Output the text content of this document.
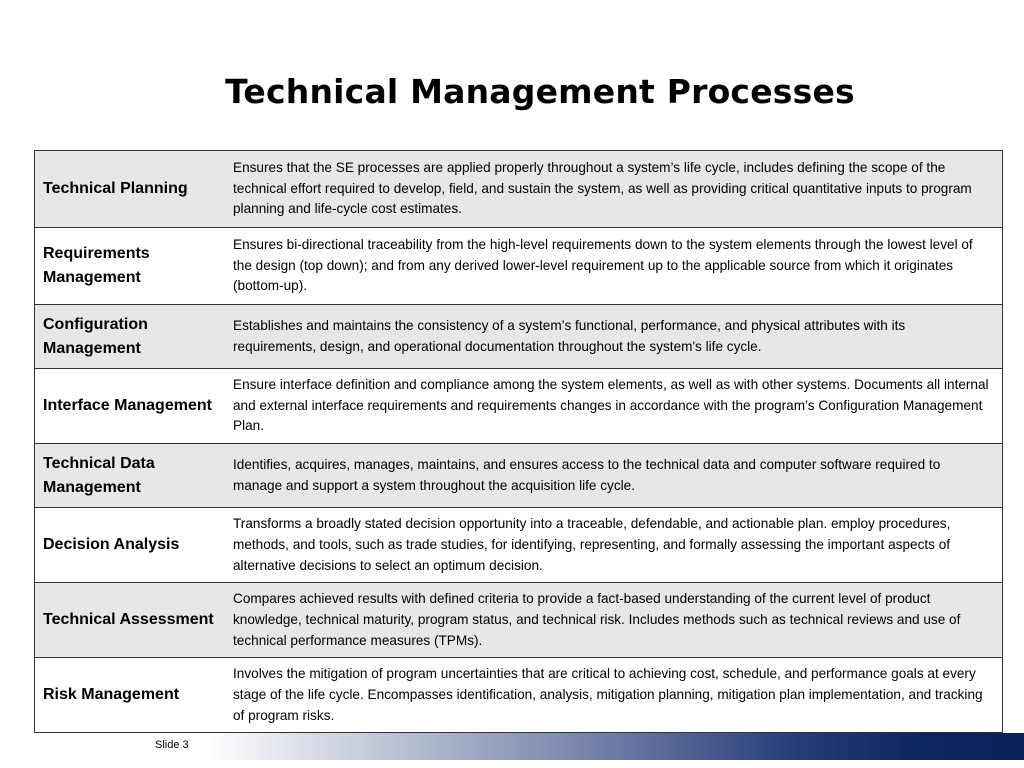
Technical Management Processes
Technical Planning	Ensures that the SE processes are applied properly throughout a system’s life cycle, includes defining the scope of the technical effort required to develop, field, and sustain the system, as well as providing critical quantitative inputs to program planning and life-cycle cost estimates.
Requirements Management	Ensures bi-directional traceability from the high-level requirements down to the system elements through the lowest level of the design (top down); and from any derived lower-level requirement up to the applicable source from which it originates (bottom-up).
Configuration Management	Establishes and maintains the consistency of a system’s functional, performance, and physical attributes with its requirements, design, and operational documentation throughout the system's life cycle.
Interface Management	Ensure interface definition and compliance among the system elements, as well as with other systems. Documents all internal and external interface requirements and requirements changes in accordance with the program’s Configuration Management Plan.
Technical Data Management	Identifies, acquires, manages, maintains, and ensures access to the technical data and computer software required to manage and support a system throughout the acquisition life cycle.
Decision Analysis	Transforms a broadly stated decision opportunity into a traceable, defendable, and actionable plan. employ procedures, methods, and tools, such as trade studies, for identifying, representing, and formally assessing the important aspects of alternative decisions to select an optimum decision.
Technical Assessment	Compares achieved results with defined criteria to provide a fact-based understanding of the current level of product knowledge, technical maturity, program status, and technical risk. Includes methods such as technical reviews and use of technical performance measures (TPMs).
Risk Management	Involves the mitigation of program uncertainties that are critical to achieving cost, schedule, and performance goals at every stage of the life cycle. Encompasses identification, analysis, mitigation planning, mitigation plan implementation, and tracking of program risks.
Slide 3
